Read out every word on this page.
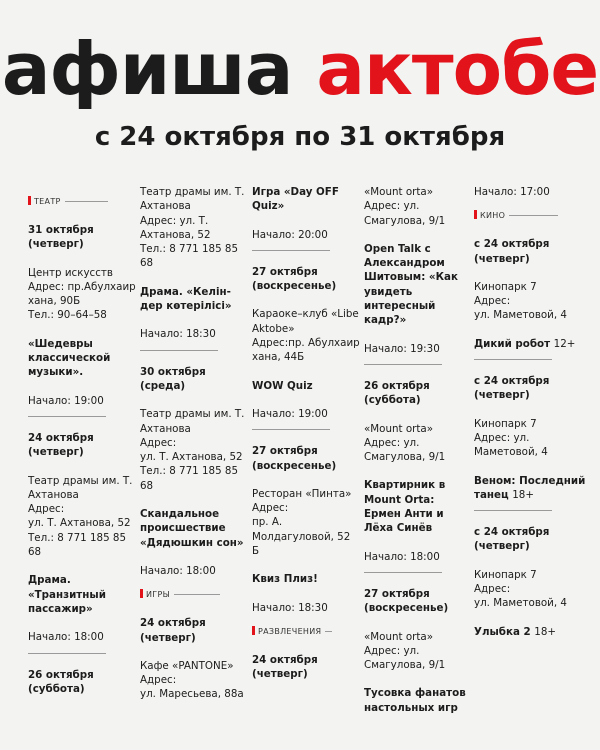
афиша актобе
с 24 октября по 31 октября
ТЕАТР
31 октября (четверг)
Центр искусств
Адрес: пр.Абулхаир хана, 90Б
Тел.: 90–64–58
«Шедевры классической музыки».
Начало: 19:00
24 октября (четверг)
Театр драмы им. Т. Ахтанова
Адрес:
ул. Т. Ахтанова, 52
Тел.: 8 771 185 85 68
Драма. «Транзитный пассажир»
Начало: 18:00
26 октября (суббота)
Театр драмы им. Т. Ахтанова
Адрес: ул. Т. Ахтанова, 52
Тел.: 8 771 185 85 68
Драма. «Келін-дер көтерілісі»
Начало: 18:30
30 октября (среда)
Театр драмы им. Т. Ахтанова
Адрес:
ул. Т. Ахтанова, 52
Тел.: 8 771 185 85 68
Скандальное происшествие «Дядюшкин сон»
Начало: 18:00
ИГРЫ
24 октября (четверг)
Кафе «PANTONE»
Адрес:
ул. Маресьева, 88а
Игра «Day OFF Quiz»
Начало: 20:00
27 октября (воскресенье)
Караоке–клуб «Libe Aktobe»
Адрес:пр. Абулхаир хана, 44Б
WOW Quiz
Начало: 19:00
27 октября (воскресенье)
Ресторан «Пинта»
Адрес:
пр. А. Молдагуловой, 52 Б
Квиз Плиз!
Начало: 18:30
РАЗВЛЕЧЕНИЯ
24 октября (четверг)
«Mount orta»
Адрес: ул. Смагулова, 9/1
Open Talk с Александром Шитовым: «Как увидеть интересный кадр?»
Начало: 19:30
26 октября (суббота)
«Mount orta»
Адрес: ул. Смагулова, 9/1
Квартирник в Mount Orta: Ермен Анти и Лёха Синёв
Начало: 18:00
27 октября (воскресенье)
«Mount orta»
Адрес: ул. Смагулова, 9/1
Тусовка фанатов настольных игр
Начало: 17:00
КИНО
с 24 октября (четверг)
Кинопарк 7
Адрес:
ул. Маметовой, 4
Дикий робот 12+
с 24 октября (четверг)
Кинопарк 7
Адрес: ул. Маметовой, 4
Веном: Последний танец 18+
с 24 октября (четверг)
Кинопарк 7
Адрес:
ул. Маметовой, 4
Улыбка 2 18+
